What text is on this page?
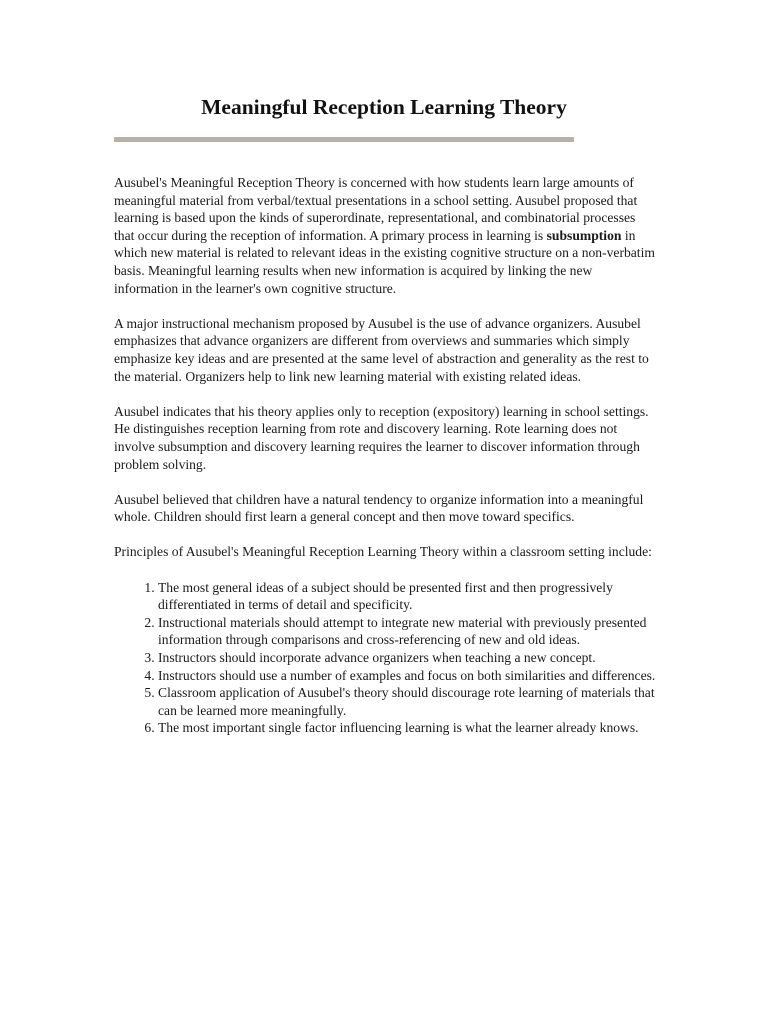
Meaningful Reception Learning Theory

Ausubel's Meaningful Reception Theory is concerned with how students learn large amounts of meaningful material from verbal/textual presentations in a school setting. Ausubel proposed that learning is based upon the kinds of superordinate, representational, and combinatorial processes that occur during the reception of information. A primary process in learning is subsumption in which new material is related to relevant ideas in the existing cognitive structure on a non-verbatim basis. Meaningful learning results when new information is acquired by linking the new information in the learner's own cognitive structure.

A major instructional mechanism proposed by Ausubel is the use of advance organizers. Ausubel emphasizes that advance organizers are different from overviews and summaries which simply emphasize key ideas and are presented at the same level of abstraction and generality as the rest to the material. Organizers help to link new learning material with existing related ideas.

Ausubel indicates that his theory applies only to reception (expository) learning in school settings. He distinguishes reception learning from rote and discovery learning. Rote learning does not involve subsumption and discovery learning requires the learner to discover information through problem solving.

Ausubel believed that children have a natural tendency to organize information into a meaningful whole. Children should first learn a general concept and then move toward specifics.

Principles of Ausubel's Meaningful Reception Learning Theory within a classroom setting include:

1. The most general ideas of a subject should be presented first and then progressively differentiated in terms of detail and specificity.
2. Instructional materials should attempt to integrate new material with previously presented information through comparisons and cross-referencing of new and old ideas.
3. Instructors should incorporate advance organizers when teaching a new concept.
4. Instructors should use a number of examples and focus on both similarities and differences.
5. Classroom application of Ausubel's theory should discourage rote learning of materials that can be learned more meaningfully.
6. The most important single factor influencing learning is what the learner already knows.
